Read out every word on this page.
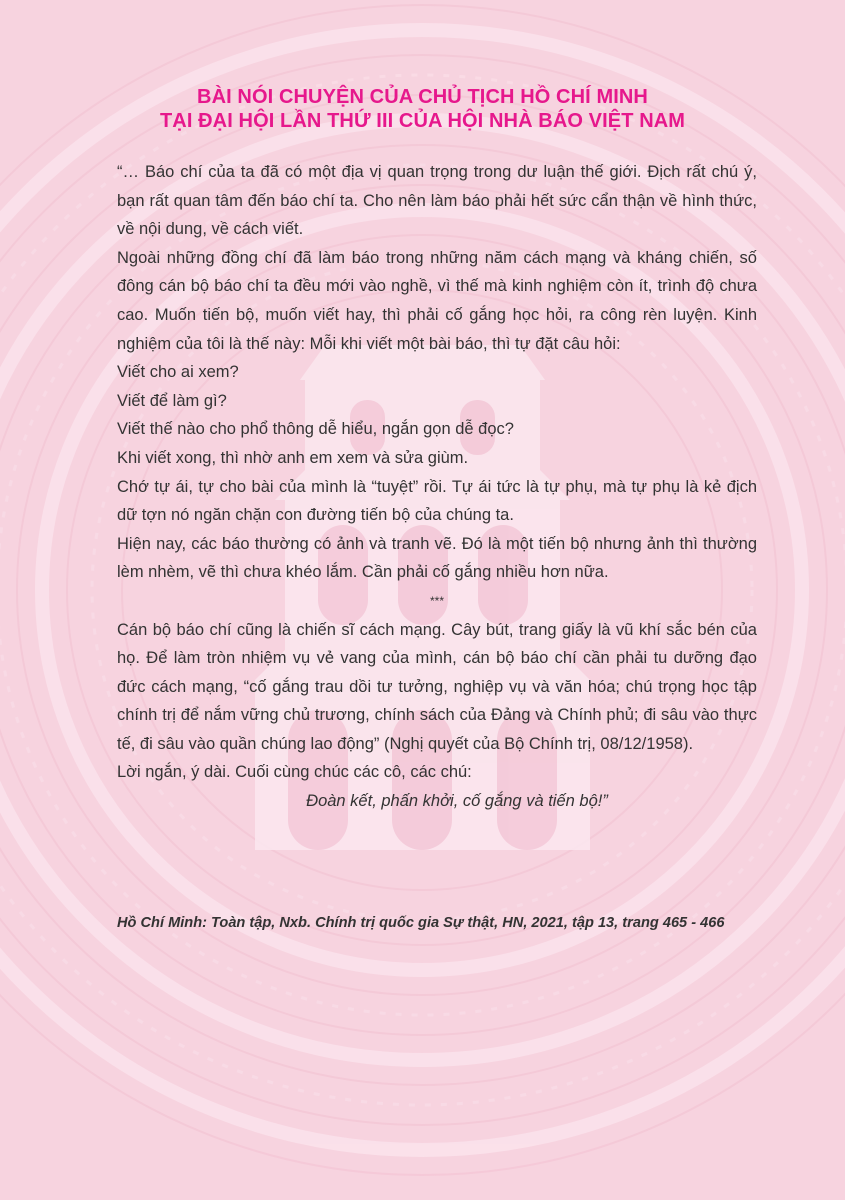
BÀI NÓI CHUYỆN CỦA CHỦ TỊCH HỒ CHÍ MINH
TẠI ĐẠI HỘI LẦN THỨ III CỦA HỘI NHÀ BÁO VIỆT NAM

“… Báo chí của ta đã có một địa vị quan trọng trong dư luận thế giới. Địch rất chú ý, bạn rất quan tâm đến báo chí ta. Cho nên làm báo phải hết sức cẩn thận về hình thức, về nội dung, về cách viết.

Ngoài những đồng chí đã làm báo trong những năm cách mạng và kháng chiến, số đông cán bộ báo chí ta đều mới vào nghề, vì thế mà kinh nghiệm còn ít, trình độ chưa cao. Muốn tiến bộ, muốn viết hay, thì phải cố gắng học hỏi, ra công rèn luyện. Kinh nghiệm của tôi là thế này: Mỗi khi viết một bài báo, thì tự đặt câu hỏi:

Viết cho ai xem?

Viết để làm gì?

Viết thế nào cho phổ thông dễ hiểu, ngắn gọn dễ đọc?

Khi viết xong, thì nhờ anh em xem và sửa giùm.

Chớ tự ái, tự cho bài của mình là “tuyệt” rồi. Tự ái tức là tự phụ, mà tự phụ là kẻ địch dữ tợn nó ngăn chặn con đường tiến bộ của chúng ta.

Hiện nay, các báo thường có ảnh và tranh vẽ. Đó là một tiến bộ nhưng ảnh thì thường lèm nhèm, vẽ thì chưa khéo lắm. Cần phải cố gắng nhiều hơn nữa.

***

Cán bộ báo chí cũng là chiến sĩ cách mạng. Cây bút, trang giấy là vũ khí sắc bén của họ. Để làm tròn nhiệm vụ vẻ vang của mình, cán bộ báo chí cần phải tu dưỡng đạo đức cách mạng, “cố gắng trau dồi tư tưởng, nghiệp vụ và văn hóa; chú trọng học tập chính trị để nắm vững chủ trương, chính sách của Đảng và Chính phủ; đi sâu vào thực tế, đi sâu vào quần chúng lao động” (Nghị quyết của Bộ Chính trị, 08/12/1958).

Lời ngắn, ý dài. Cuối cùng chúc các cô, các chú:

Đoàn kết, phấn khởi, cố gắng và tiến bộ!”

Hồ Chí Minh: Toàn tập, Nxb. Chính trị quốc gia Sự thật, HN, 2021, tập 13, trang 465 - 466
